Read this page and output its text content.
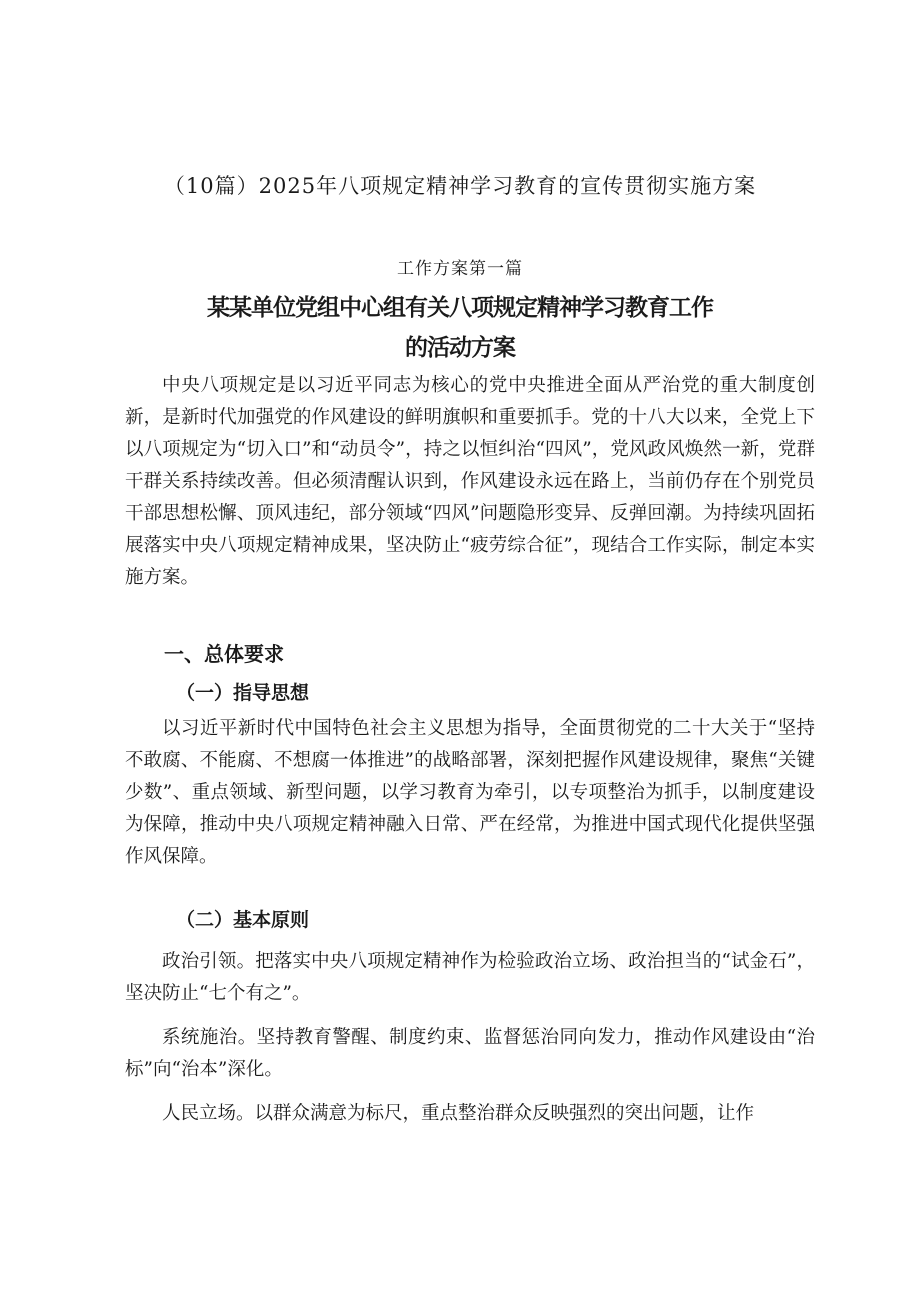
（10篇）2025年八项规定精神学习教育的宣传贯彻实施方案
工作方案第一篇
某某单位党组中心组有关八项规定精神学习教育工作
的活动方案

中央八项规定是以习近平同志为核心的党中央推进全面从严治党的重大制度创新，是新时代加强党的作风建设的鲜明旗帜和重要抓手。党的十八大以来，全党上下以八项规定为“切入口”和“动员令”，持之以恒纠治“四风”，党风政风焕然一新，党群干群关系持续改善。但必须清醒认识到，作风建设永远在路上，当前仍存在个别党员干部思想松懈、顶风违纪，部分领域“四风”问题隐形变异、反弹回潮。为持续巩固拓展落实中央八项规定精神成果，坚决防止“疲劳综合征”，现结合工作实际，制定本实施方案。

一、总体要求
（一）指导思想

以习近平新时代中国特色社会主义思想为指导，全面贯彻党的二十大关于“坚持不敢腐、不能腐、不想腐一体推进”的战略部署，深刻把握作风建设规律，聚焦“关键少数”、重点领域、新型问题，以学习教育为牵引，以专项整治为抓手，以制度建设为保障，推动中央八项规定精神融入日常、严在经常，为推进中国式现代化提供坚强作风保障。

（二）基本原则

政治引领。把落实中央八项规定精神作为检验政治立场、政治担当的“试金石”，坚决防止“七个有之”。

系统施治。坚持教育警醒、制度约束、监督惩治同向发力，推动作风建设由“治标”向“治本”深化。

人民立场。以群众满意为标尺，重点整治群众反映强烈的突出问题，让作
